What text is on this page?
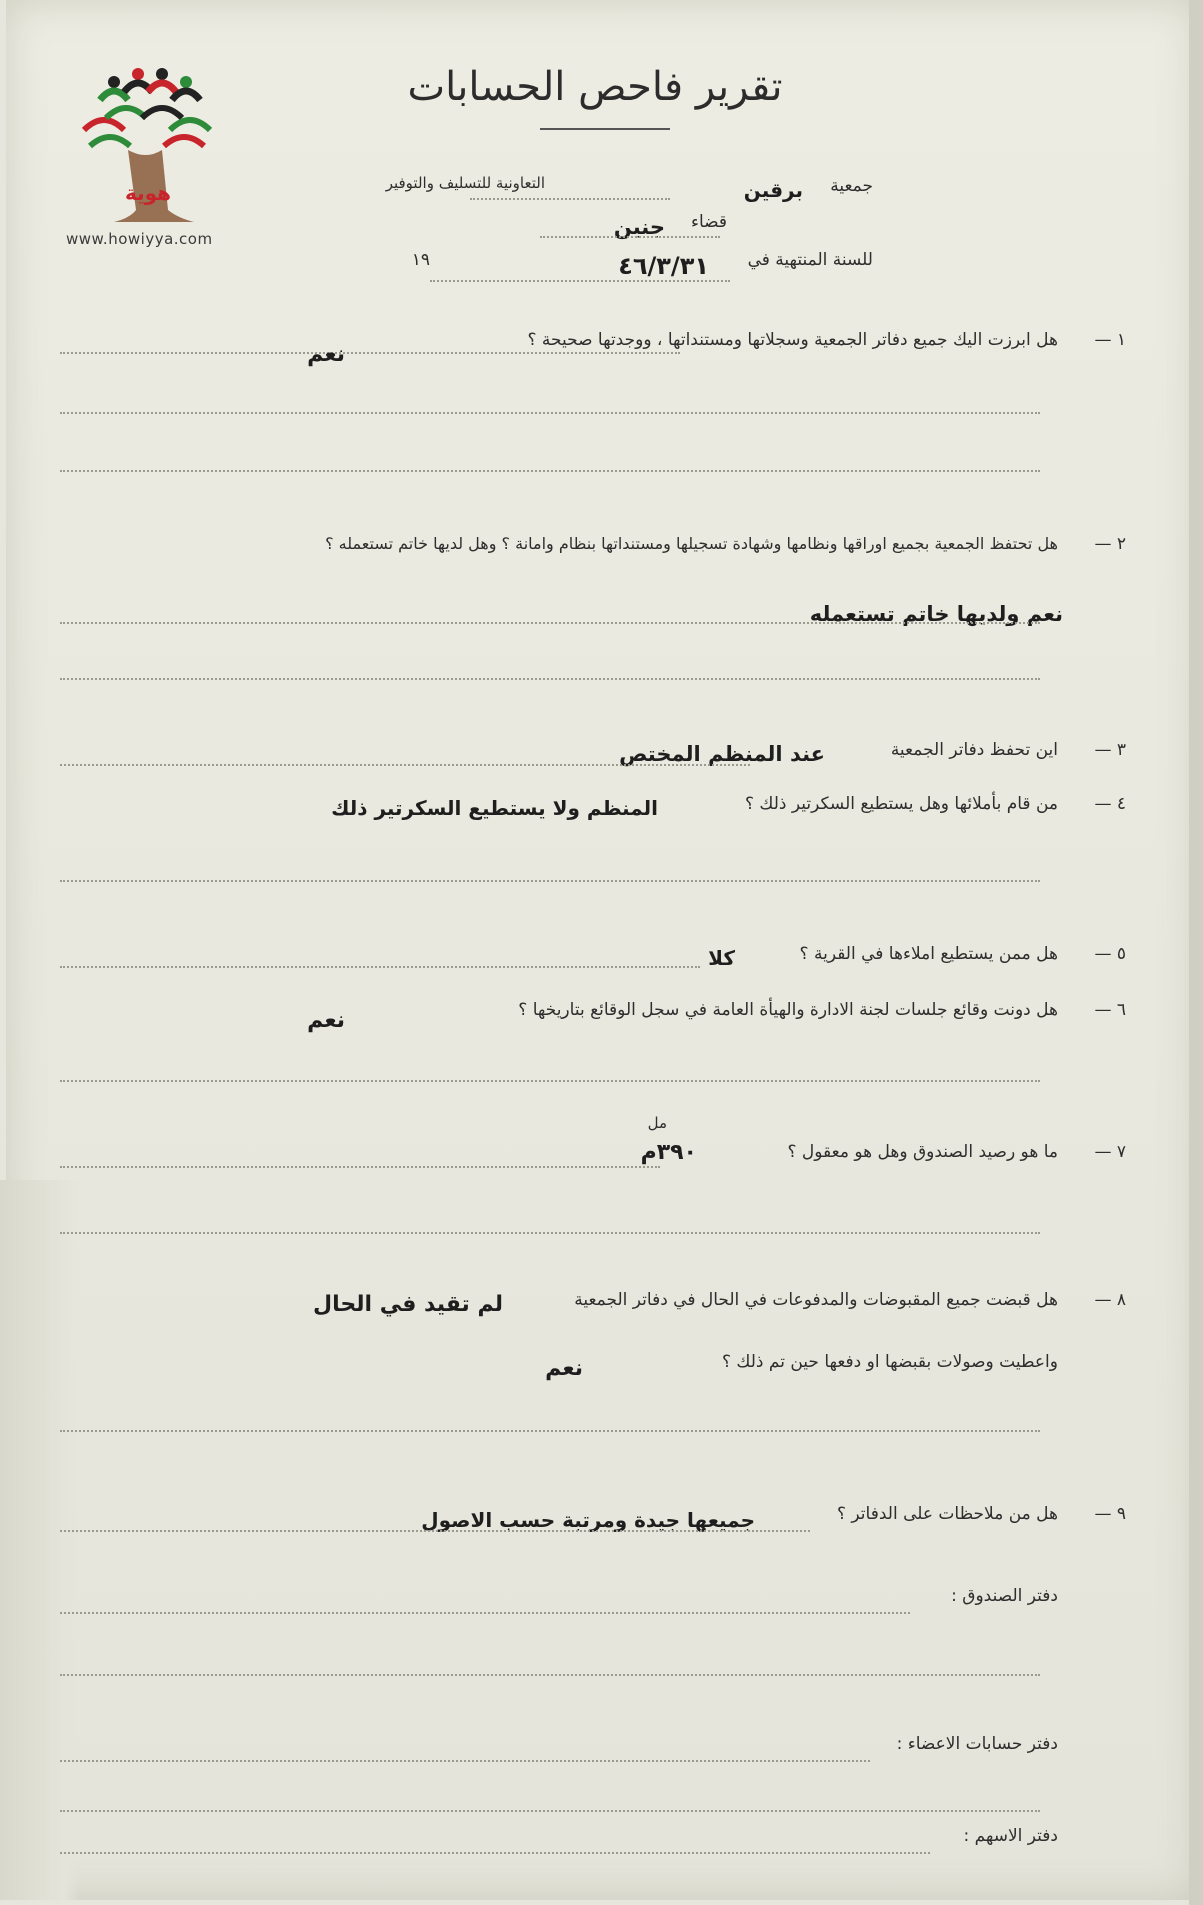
هوية
www.howiyya.com
تقرير فاحص الحسابات
جمعية
برقين
التعاونية للتسليف والتوفير
قضاء
جنين
للسنة المنتهية في
٤٦/٣/٣١
١٩
١ —
هل ابرزت اليك جميع دفاتر الجمعية وسجلاتها ومستنداتها ، ووجدتها صحيحة ؟
نعم
٢ —
هل تحتفظ الجمعية بجميع اوراقها ونظامها وشهادة تسجيلها ومستنداتها بنظام وامانة ؟ وهل لديها خاتم تستعمله ؟
نعم ولديها خاتم تستعمله
٣ —
اين تحفظ دفاتر الجمعية
عند المنظم المختص
٤ —
من قام بأملائها وهل يستطيع السكرتير ذلك ؟
المنظم ولا يستطيع السكرتير ذلك
٥ —
هل ممن يستطيع املاءها في القرية ؟
كلا
٦ —
هل دونت وقائع جلسات لجنة الادارة والهيأة العامة في سجل الوقائع بتاريخها ؟
نعم
٧ —
ما هو رصيد الصندوق وهل هو معقول ؟
مل
٣٩٠م
٨ —
هل قبضت جميع المقبوضات والمدفوعات في الحال في دفاتر الجمعية
لم تقيد في الحال
واعطيت وصولات بقبضها او دفعها حين تم ذلك ؟
نعم
٩ —
هل من ملاحظات على الدفاتر ؟
جميعها جيدة ومرتبة حسب الاصول
دفتر الصندوق :
دفتر حسابات الاعضاء :
دفتر الاسهم :
